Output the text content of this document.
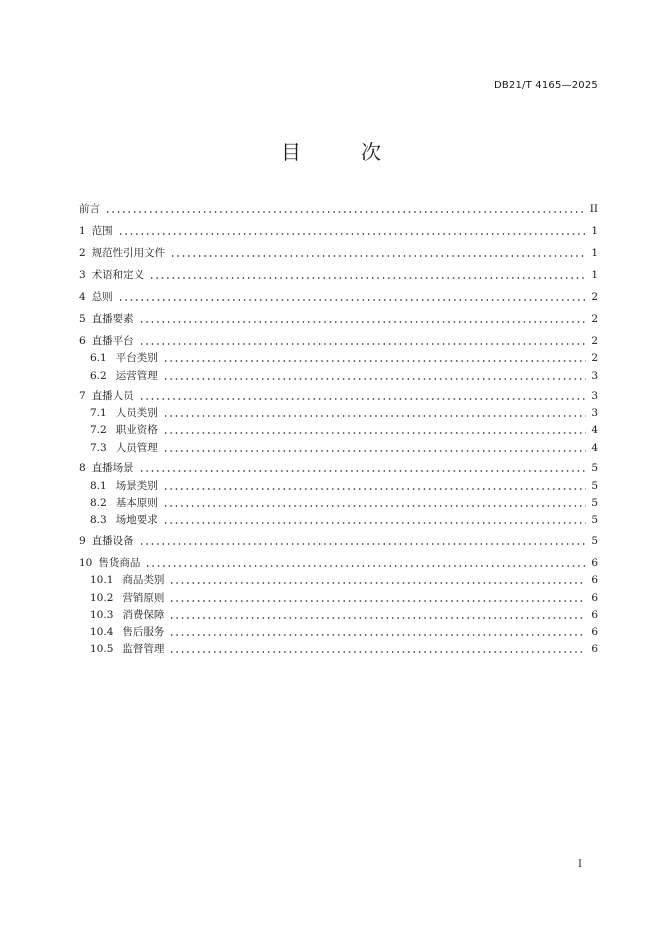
DB21/T 4165—2025
目　次
前言	II
1 范围	1
2 规范性引用文件	1
3 术语和定义	1
4 总则	2
5 直播要素	2
6 直播平台	2
6.1 平台类别	2
6.2 运营管理	3
7 直播人员	3
7.1 人员类别	3
7.2 职业资格	4
7.3 人员管理	4
8 直播场景	5
8.1 场景类别	5
8.2 基本原则	5
8.3 场地要求	5
9 直播设备	5
10 售货商品	6
10.1 商品类别	6
10.2 营销原则	6
10.3 消费保障	6
10.4 售后服务	6
10.5 监督管理	6
I
